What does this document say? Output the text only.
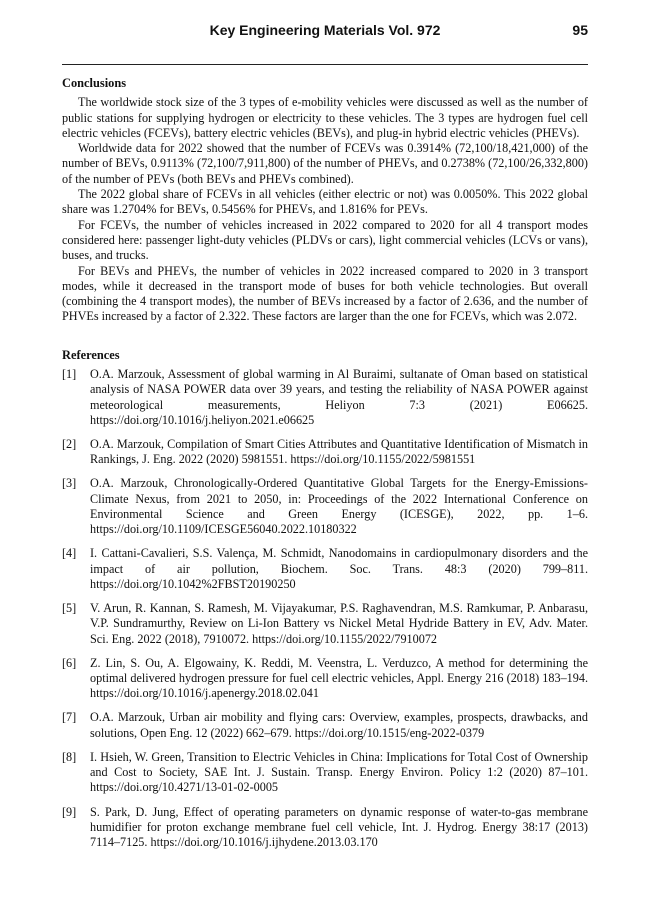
Key Engineering Materials Vol. 972	95
Conclusions

The worldwide stock size of the 3 types of e-mobility vehicles were discussed as well as the number of public stations for supplying hydrogen or electricity to these vehicles. The 3 types are hydrogen fuel cell electric vehicles (FCEVs), battery electric vehicles (BEVs), and plug-in hybrid electric vehicles (PHEVs).

Worldwide data for 2022 showed that the number of FCEVs was 0.3914% (72,100/18,421,000) of the number of BEVs, 0.9113% (72,100/7,911,800) of the number of PHEVs, and 0.2738% (72,100/26,332,800) of the number of PEVs (both BEVs and PHEVs combined).

The 2022 global share of FCEVs in all vehicles (either electric or not) was 0.0050%. This 2022 global share was 1.2704% for BEVs, 0.5456% for PHEVs, and 1.816% for PEVs.

For FCEVs, the number of vehicles increased in 2022 compared to 2020 for all 4 transport modes considered here: passenger light-duty vehicles (PLDVs or cars), light commercial vehicles (LCVs or vans), buses, and trucks.

For BEVs and PHEVs, the number of vehicles in 2022 increased compared to 2020 in 3 transport modes, while it decreased in the transport mode of buses for both vehicle technologies. But overall (combining the 4 transport modes), the number of BEVs increased by a factor of 2.636, and the number of PHVEs increased by a factor of 2.322. These factors are larger than the one for FCEVs, which was 2.072.

References
[1]	O.A. Marzouk, Assessment of global warming in Al Buraimi, sultanate of Oman based on statistical analysis of NASA POWER data over 39 years, and testing the reliability of NASA POWER against meteorological measurements, Heliyon 7:3 (2021) E06625. https://doi.org/10.1016/j.heliyon.2021.e06625
[2]	O.A. Marzouk, Compilation of Smart Cities Attributes and Quantitative Identification of Mismatch in Rankings, J. Eng. 2022 (2020) 5981551. https://doi.org/10.1155/2022/5981551
[3]	O.A. Marzouk, Chronologically-Ordered Quantitative Global Targets for the Energy-Emissions-Climate Nexus, from 2021 to 2050, in: Proceedings of the 2022 International Conference on Environmental Science and Green Energy (ICESGE), 2022, pp. 1–6. https://doi.org/10.1109/ICESGE56040.2022.10180322
[4]	I. Cattani-Cavalieri, S.S. Valença, M. Schmidt, Nanodomains in cardiopulmonary disorders and the impact of air pollution, Biochem. Soc. Trans. 48:3 (2020) 799–811. https://doi.org/10.1042%2FBST20190250
[5]	V. Arun, R. Kannan, S. Ramesh, M. Vijayakumar, P.S. Raghavendran, M.S. Ramkumar, P. Anbarasu, V.P. Sundramurthy, Review on Li-Ion Battery vs Nickel Metal Hydride Battery in EV, Adv. Mater. Sci. Eng. 2022 (2018), 7910072. https://doi.org/10.1155/2022/7910072
[6]	Z. Lin, S. Ou, A. Elgowainy, K. Reddi, M. Veenstra, L. Verduzco, A method for determining the optimal delivered hydrogen pressure for fuel cell electric vehicles, Appl. Energy 216 (2018) 183–194. https://doi.org/10.1016/j.apenergy.2018.02.041
[7]	O.A. Marzouk, Urban air mobility and flying cars: Overview, examples, prospects, drawbacks, and solutions, Open Eng. 12 (2022) 662–679. https://doi.org/10.1515/eng-2022-0379
[8]	I. Hsieh, W. Green, Transition to Electric Vehicles in China: Implications for Total Cost of Ownership and Cost to Society, SAE Int. J. Sustain. Transp. Energy Environ. Policy 1:2 (2020) 87–101. https://doi.org/10.4271/13-01-02-0005
[9]	S. Park, D. Jung, Effect of operating parameters on dynamic response of water-to-gas membrane humidifier for proton exchange membrane fuel cell vehicle, Int. J. Hydrog. Energy 38:17 (2013) 7114–7125. https://doi.org/10.1016/j.ijhydene.2013.03.170
